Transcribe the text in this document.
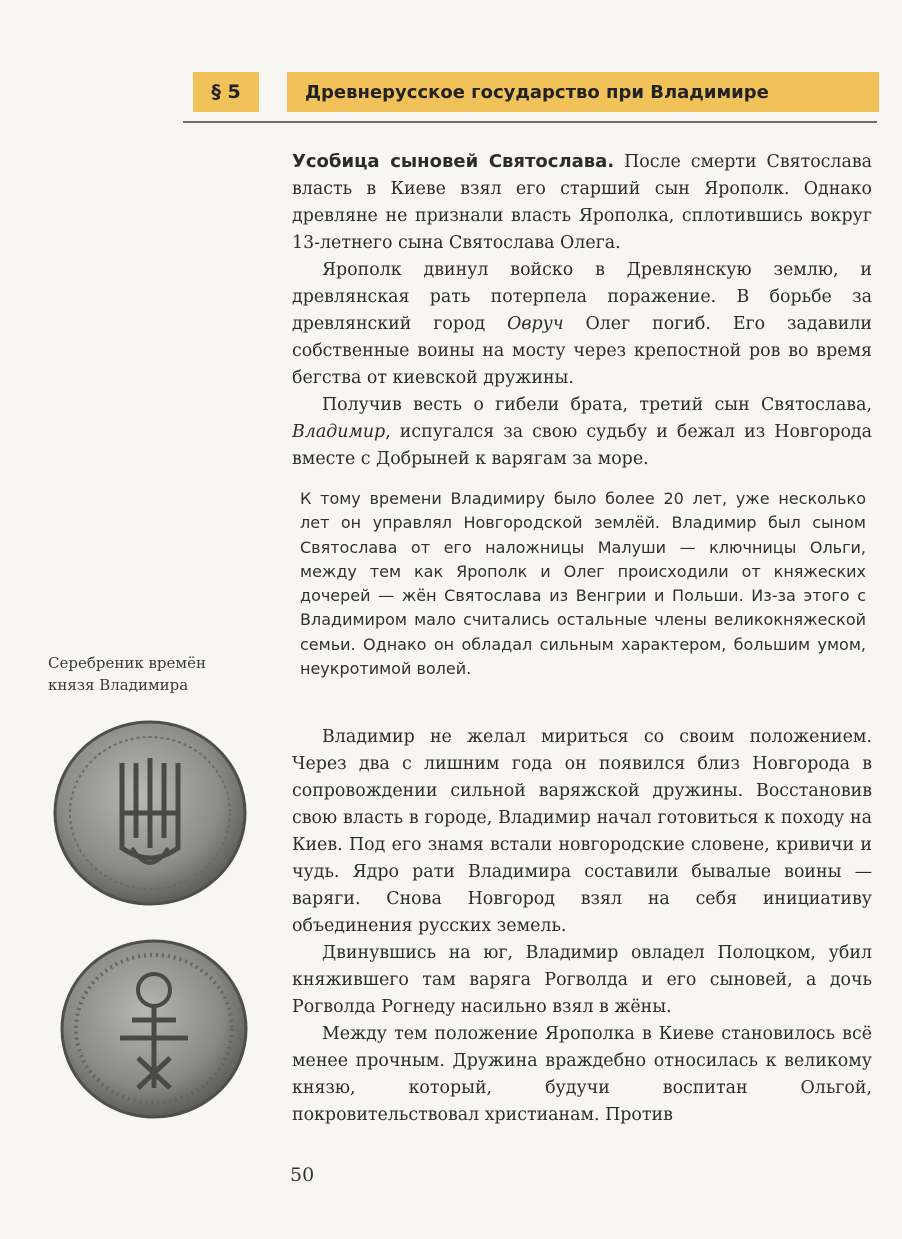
§ 5	Древнерусское государство при Владимире

Усобица сыновей Святослава. После смерти Святослава власть в Киеве взял его старший сын Ярополк. Однако древляне не признали власть Ярополка, сплотившись вокруг 13-летнего сына Святослава Олега.

Ярополк двинул войско в Древлянскую землю, и древлянская рать потерпела поражение. В борьбе за древлянский город Овруч Олег погиб. Его задавили собственные воины на мосту через крепостной ров во время бегства от киевской дружины.

Получив весть о гибели брата, третий сын Святослава, Владимир, испугался за свою судьбу и бежал из Новгорода вместе с Добрыней к варягам за море.

К тому времени Владимиру было более 20 лет, уже несколько лет он управлял Новгородской землёй. Владимир был сыном Святослава от его наложницы Малуши — ключницы Ольги, между тем как Ярополк и Олег происходили от княжеских дочерей — жён Святослава из Венгрии и Польши. Из-за этого с Владимиром мало считались остальные члены великокняжеской семьи. Однако он обладал сильным характером, большим умом, неукротимой волей.

Владимир не желал мириться со своим положением. Через два с лишним года он появился близ Новгорода в сопровождении сильной варяжской дружины. Восстановив свою власть в городе, Владимир начал готовиться к походу на Киев. Под его знамя встали новгородские словене, кривичи и чудь. Ядро рати Владимира составили бывалые воины — варяги. Снова Новгород взял на себя инициативу объединения русских земель.

Двинувшись на юг, Владимир овладел Полоцком, убил княжившего там варяга Рогволда и его сыновей, а дочь Рогволда Рогнеду насильно взял в жёны.

Между тем положение Ярополка в Киеве становилось всё менее прочным. Дружина враждебно относилась к великому князю, который, будучи воспитан Ольгой, покровительствовал христианам. Против

Серебреник времён князя Владимира
50
